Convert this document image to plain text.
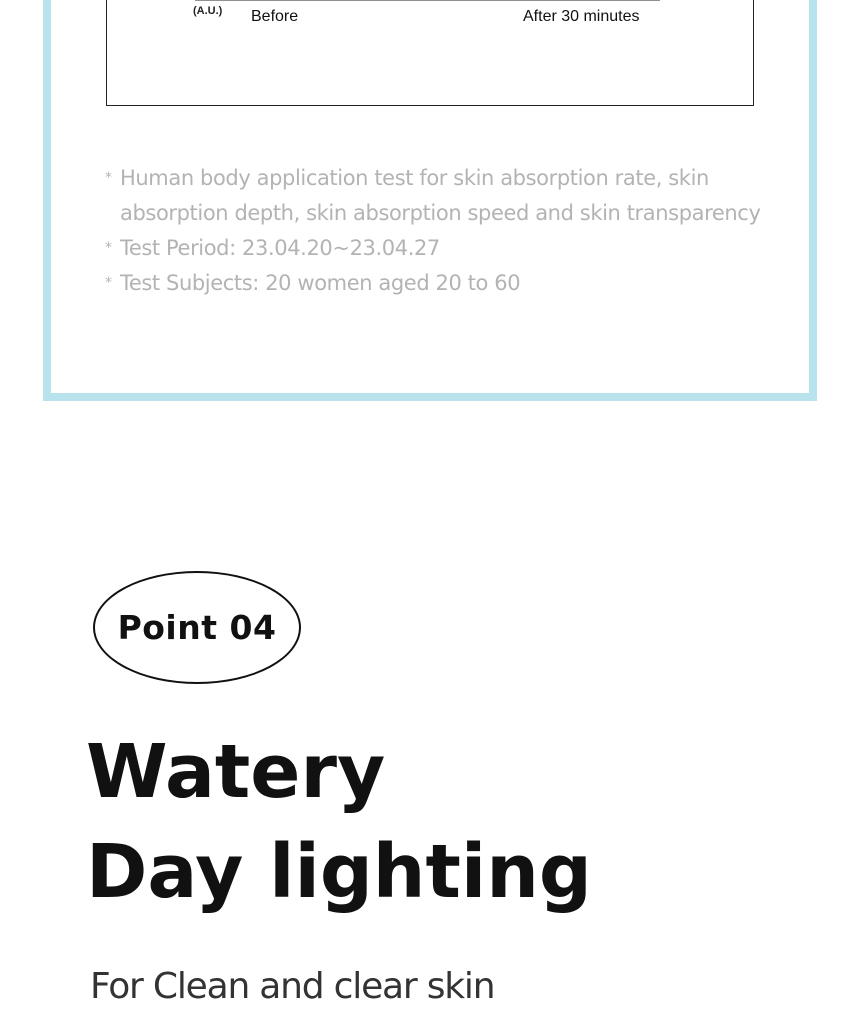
(A.U.) Before	After 30 minutes
* Human body application test for skin absorption rate, skin
absorption depth, skin absorption speed and skin transparency
* Test Period: 23.04.20~23.04.27
* Test Subjects: 20 women aged 20 to 60
Point 04
Watery
Day lighting
For Clean and clear skin
